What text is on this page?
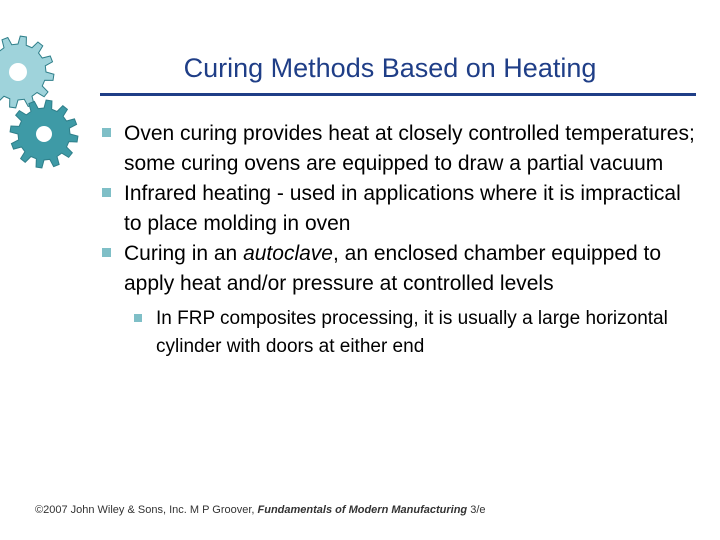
Curing Methods Based on Heating
Oven curing provides heat at closely controlled temperatures; some curing ovens are equipped to draw a partial vacuum
Infrared heating - used in applications where it is impractical to place molding in oven
Curing in an autoclave, an enclosed chamber equipped to apply heat and/or pressure at controlled levels
In FRP composites processing, it is usually a large horizontal cylinder with doors at either end
©2007 John Wiley & Sons, Inc. M P Groover, Fundamentals of Modern Manufacturing 3/e
